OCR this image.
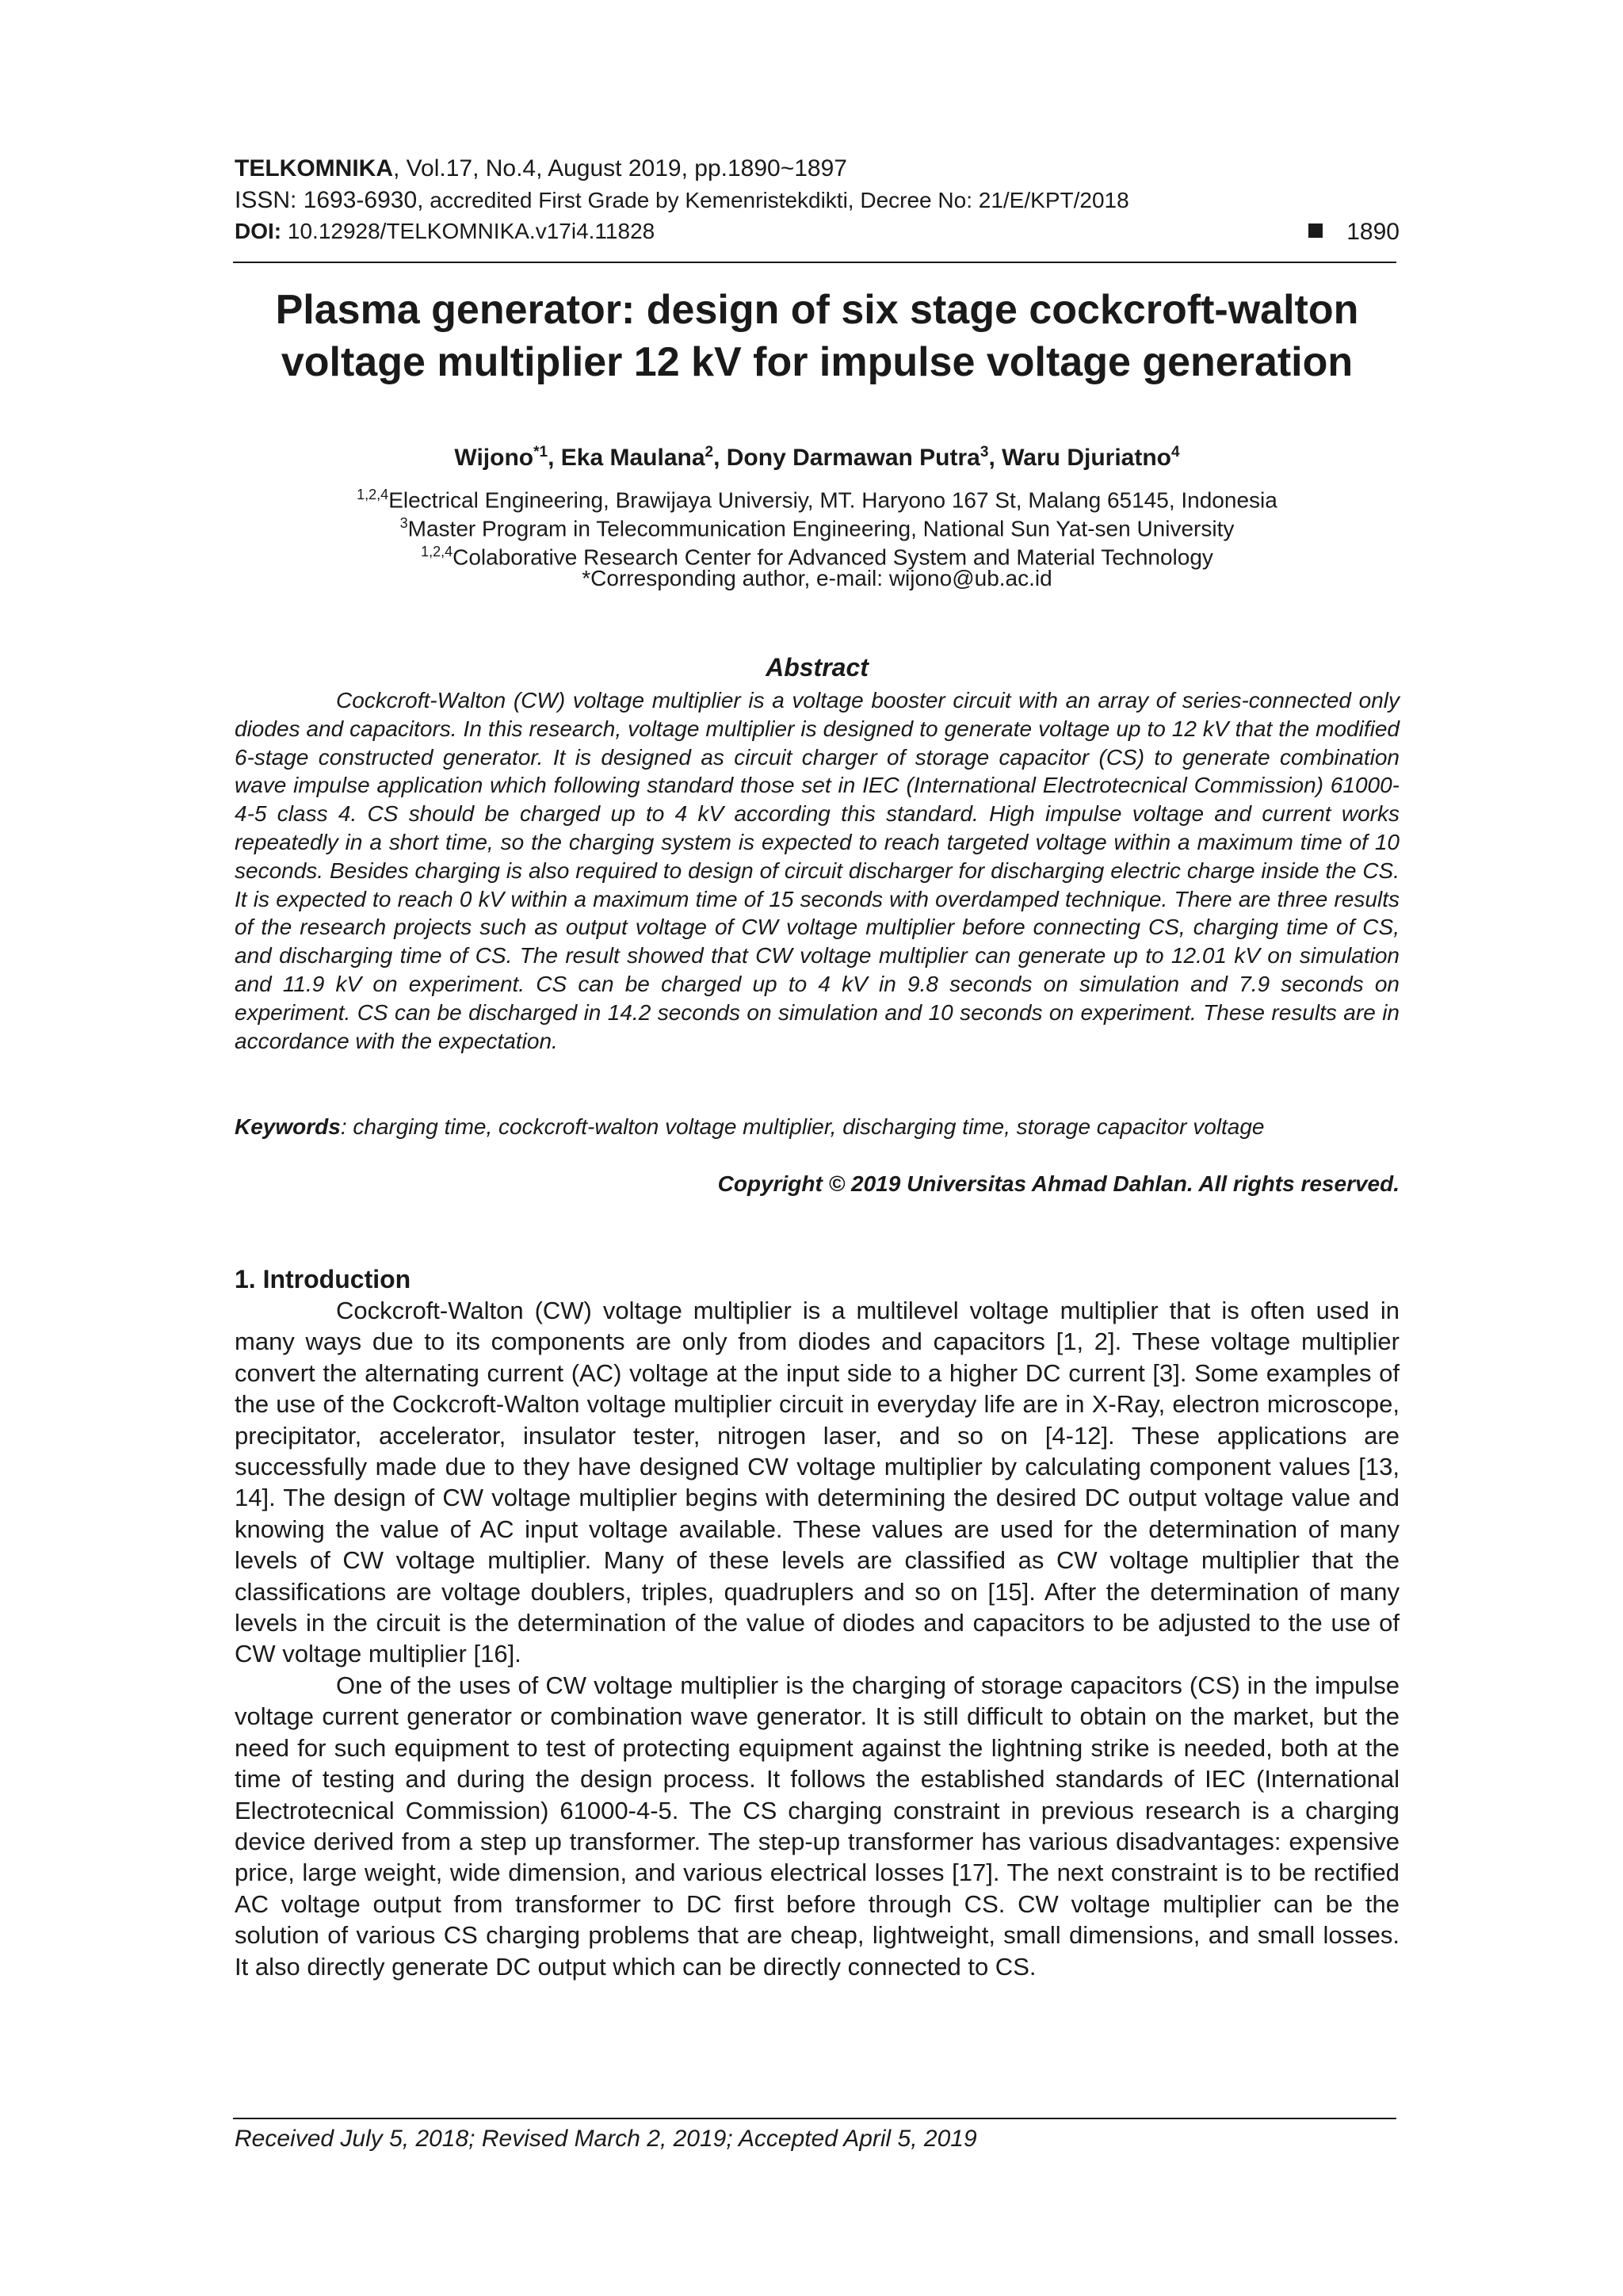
TELKOMNIKA, Vol.17, No.4, August 2019, pp.1890~1897
ISSN: 1693-6930, accredited First Grade by Kemenristekdikti, Decree No: 21/E/KPT/2018
DOI: 10.12928/TELKOMNIKA.v17i4.11828	1890
Plasma generator: design of six stage cockcroft-walton voltage multiplier 12 kV for impulse voltage generation
Wijono$^{*1}$, Eka Maulana$^2$, Dony Darmawan Putra$^3$, Waru Djuriatno$^4$
$^{1,2,4}$Electrical Engineering, Brawijaya Universiy, MT. Haryono 167 St, Malang 65145, Indonesia
$^3$Master Program in Telecommunication Engineering, National Sun Yat-sen University
$^{1,2,4}$Colaborative Research Center for Advanced System and Material Technology
*Corresponding author, e-mail: wijono@ub.ac.id
Abstract
Cockcroft-Walton (CW) voltage multiplier is a voltage booster circuit with an array of series-connected only diodes and capacitors. In this research, voltage multiplier is designed to generate voltage up to 12 kV that the modified 6-stage constructed generator. It is designed as circuit charger of storage capacitor (CS) to generate combination wave impulse application which following standard those set in IEC (International Electrotecnical Commission) 61000-4-5 class 4. CS should be charged up to 4 kV according this standard. High impulse voltage and current works repeatedly in a short time, so the charging system is expected to reach targeted voltage within a maximum time of 10 seconds. Besides charging is also required to design of circuit discharger for discharging electric charge inside the CS. It is expected to reach 0 kV within a maximum time of 15 seconds with overdamped technique. There are three results of the research projects such as output voltage of CW voltage multiplier before connecting CS, charging time of CS, and discharging time of CS. The result showed that CW voltage multiplier can generate up to 12.01 kV on simulation and 11.9 kV on experiment. CS can be charged up to 4 kV in 9.8 seconds on simulation and 7.9 seconds on experiment. CS can be discharged in 14.2 seconds on simulation and 10 seconds on experiment. These results are in accordance with the expectation.
Keywords: charging time, cockcroft-walton voltage multiplier, discharging time, storage capacitor voltage
Copyright © 2019 Universitas Ahmad Dahlan. All rights reserved.
1. Introduction

Cockcroft-Walton (CW) voltage multiplier is a multilevel voltage multiplier that is often used in many ways due to its components are only from diodes and capacitors [1, 2]. These voltage multiplier convert the alternating current (AC) voltage at the input side to a higher DC current [3]. Some examples of the use of the Cockcroft-Walton voltage multiplier circuit in everyday life are in X-Ray, electron microscope, precipitator, accelerator, insulator tester, nitrogen laser, and so on [4-12]. These applications are successfully made due to they have designed CW voltage multiplier by calculating component values [13, 14]. The design of CW voltage multiplier begins with determining the desired DC output voltage value and knowing the value of AC input voltage available. These values are used for the determination of many levels of CW voltage multiplier. Many of these levels are classified as CW voltage multiplier that the classifications are voltage doublers, triples, quadruplers and so on [15]. After the determination of many levels in the circuit is the determination of the value of diodes and capacitors to be adjusted to the use of CW voltage multiplier [16].

One of the uses of CW voltage multiplier is the charging of storage capacitors (CS) in the impulse voltage current generator or combination wave generator. It is still difficult to obtain on the market, but the need for such equipment to test of protecting equipment against the lightning strike is needed, both at the time of testing and during the design process. It follows the established standards of IEC (International Electrotecnical Commission) 61000-4-5. The CS charging constraint in previous research is a charging device derived from a step up transformer. The step-up transformer has various disadvantages: expensive price, large weight, wide dimension, and various electrical losses [17]. The next constraint is to be rectified AC voltage output from transformer to DC first before through CS. CW voltage multiplier can be the solution of various CS charging problems that are cheap, lightweight, small dimensions, and small losses. It also directly generate DC output which can be directly connected to CS.

Received July 5, 2018; Revised March 2, 2019; Accepted April 5, 2019
